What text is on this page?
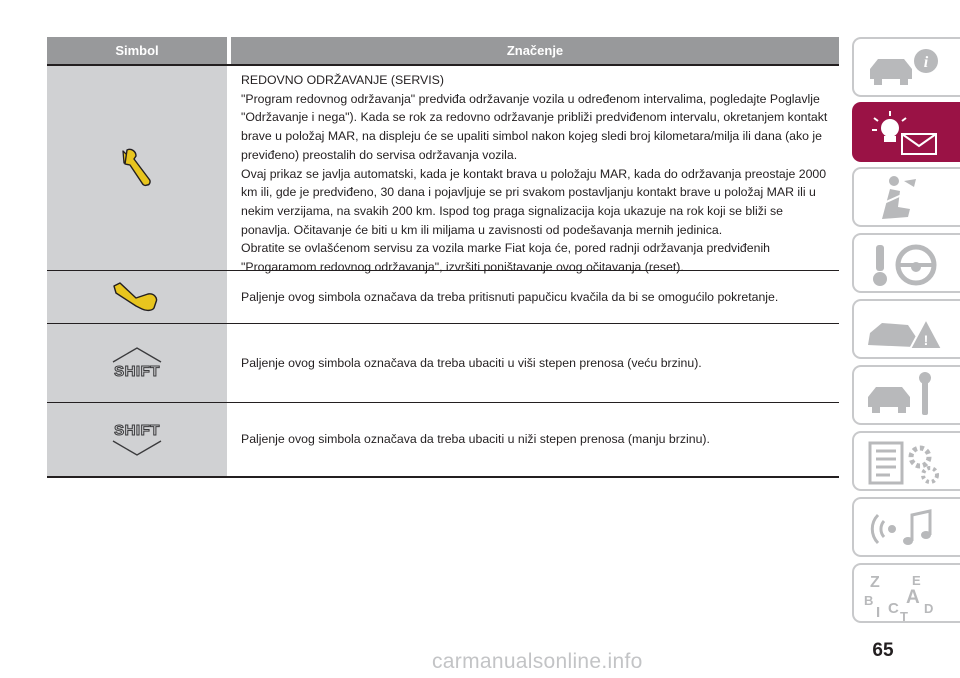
Simbol	Značenje
REDOVNO ODRŽAVANJE (SERVIS)
"Program redovnog održavanja" predviđa održavanje vozila u određenom intervalima, pogledajte Poglavlje
"Održavanje i nega"). Kada se rok za redovno održavanje približi predviđenom intervalu, okretanjem kontakt
brave u položaj MAR, na displeju će se upaliti simbol nakon kojeg sledi broj kilometara/milja ili dana (ako je
previđeno) preostalih do servisa održavanja vozila.
Ovaj prikaz se javlja automatski, kada je kontakt brava u položaju MAR, kada do održavanja preostaje 2000
km ili, gde je predviđeno, 30 dana i pojavljuje se pri svakom postavljanju kontakt brave u položaj MAR ili u
nekim verzijama, na svakih 200 km. Ispod tog praga signalizacija koja ukazuje na rok koji se bliži se
ponavlja. Očitavanje će biti u km ili miljama u zavisnosti od podešavanja mernih jedinica.
Obratite se ovlašćenom servisu za vozila marke Fiat koja će, pored radnji održavanja predviđenih
"Progaramom redovnog održavanja", izvršiti poništavanje ovog očitavanja (reset).
Paljenje ovog simbola označava da treba pritisnuti papučicu kvačila da bi se omogućilo pokretanje.
SHIFT
Paljenje ovog simbola označava da treba ubaciti u viši stepen prenosa (veću brzinu).
SHIFT
Paljenje ovog simbola označava da treba ubaciti u niži stepen prenosa (manju brzinu).
i
!
Z E
B A
I C D
T
65
carmanualsonline.info
